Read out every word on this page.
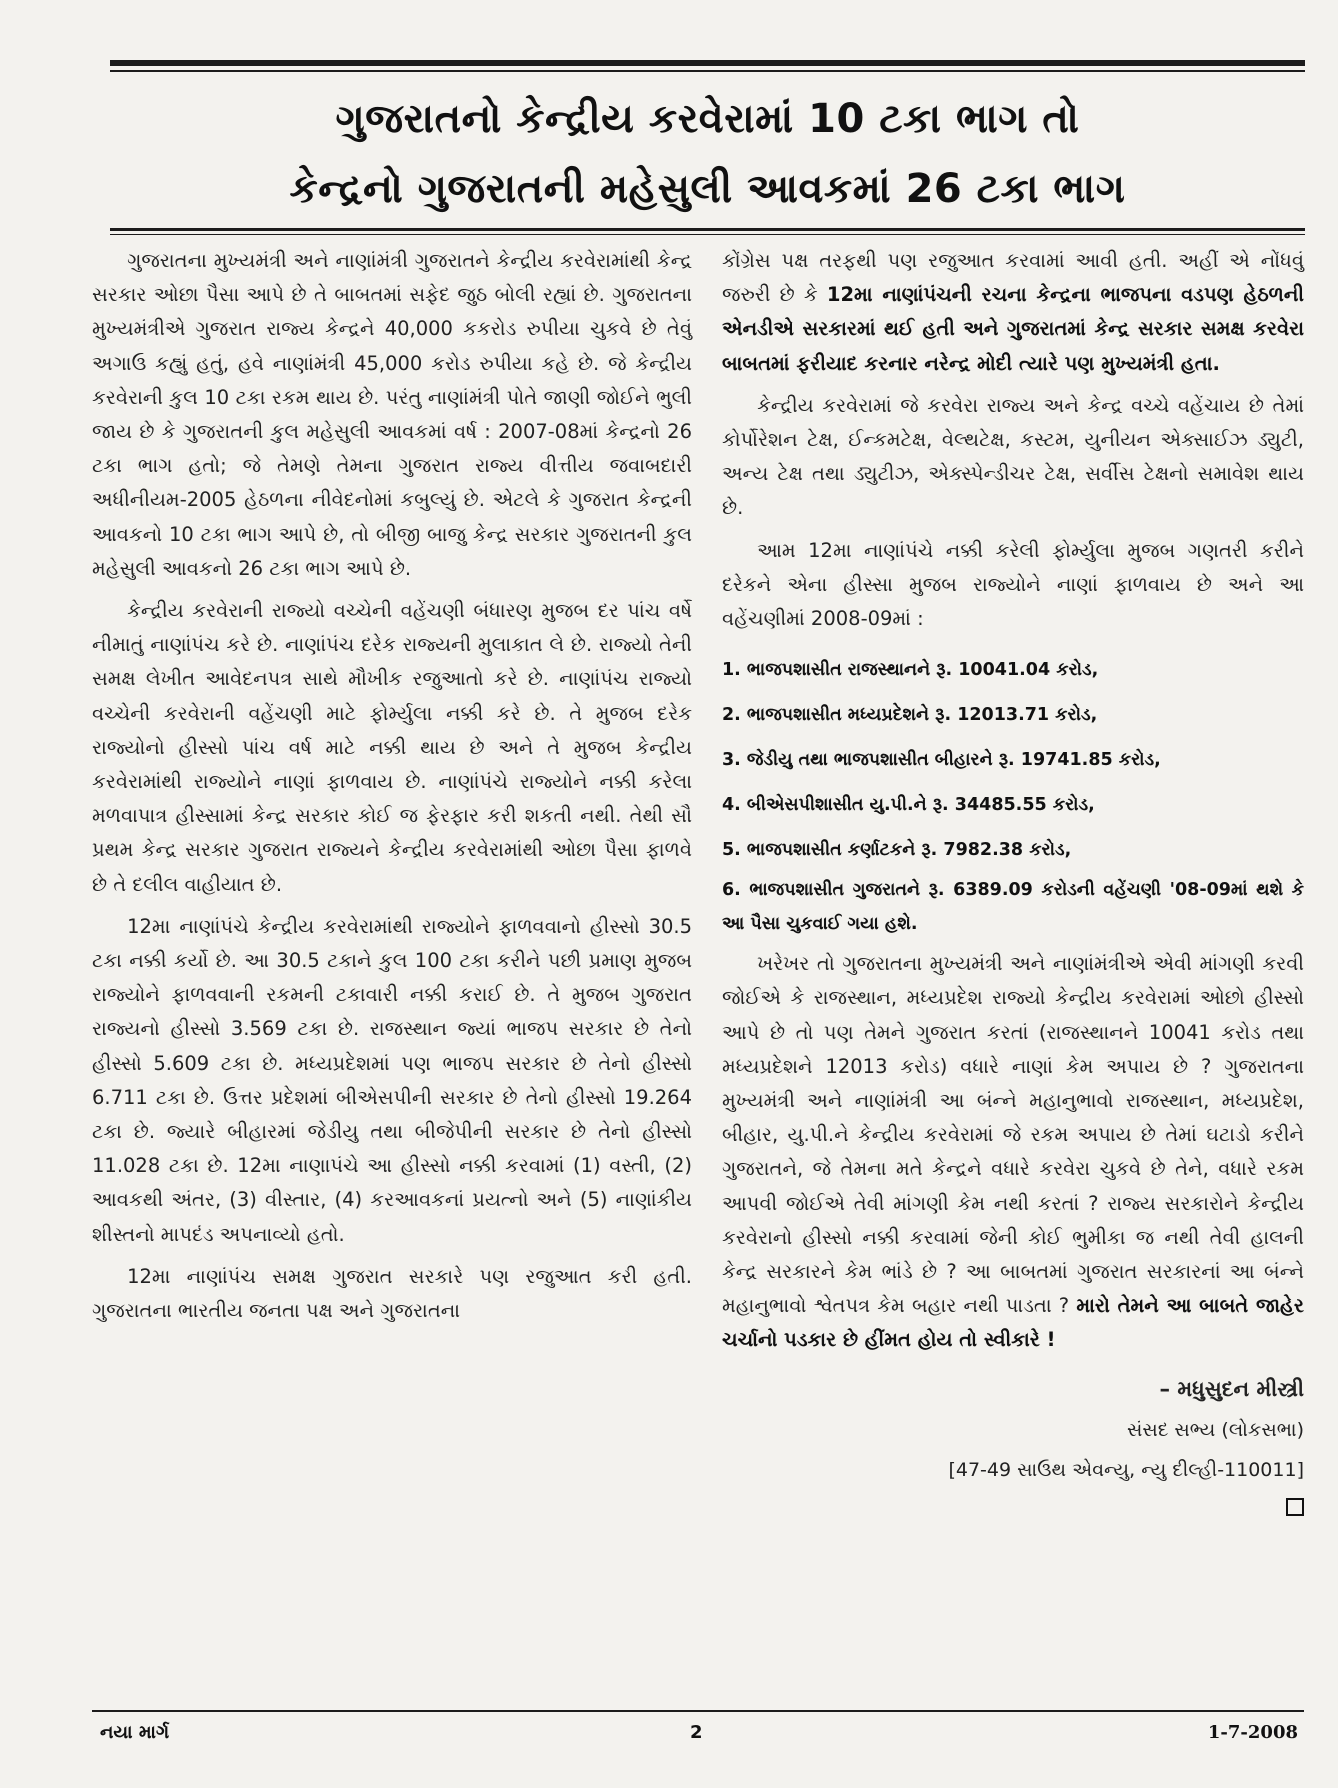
ગુજરાતનો કેન્દ્રીય કરવેરામાં 10 ટકા ભાગ તો
કેન્દ્રનો ગુજરાતની મહેસુલી આવકમાં 26 ટકા ભાગ

ગુજરાતના મુખ્યમંત્રી અને નાણાંમંત્રી ગુજરાતને કેન્દ્રીય કરવેરામાંથી કેન્દ્ર સરકાર ઓછા પૈસા આપે છે તે બાબતમાં સફેદ જુઠ બોલી રહ્યાં છે. ગુજરાતના મુખ્યમંત્રીએ ગુજરાત રાજ્ય કેન્દ્રને 40,000 કકરોડ રુપીયા ચુકવે છે તેવું અગાઉ કહ્યું હતું, હવે નાણાંમંત્રી 45,000 કરોડ રુપીયા કહે છે. જે કેન્દ્રીય કરવેરાની કુલ 10 ટકા રકમ થાય છે. પરંતુ નાણાંમંત્રી પોતે જાણી જોઈને ભુલી જાય છે કે ગુજરાતની કુલ મહેસુલી આવકમાં વર્ષ : 2007-08માં કેન્દ્રનો 26 ટકા ભાગ હતો; જે તેમણે તેમના ગુજરાત રાજ્ય વીત્તીય જવાબદારી અધીનીયમ-2005 હેઠળના નીવેદનોમાં કબુલ્યું છે. એટલે કે ગુજરાત કેન્દ્રની આવકનો 10 ટકા ભાગ આપે છે, તો બીજી બાજુ કેન્દ્ર સરકાર ગુજરાતની કુલ મહેસુલી આવકનો 26 ટકા ભાગ આપે છે.

કેન્દ્રીય કરવેરાની રાજ્યો વચ્ચેની વહેંચણી બંધારણ મુજબ દર પાંચ વર્ષે નીમાતું નાણાંપંચ કરે છે. નાણાંપંચ દરેક રાજ્યની મુલાકાત લે છે. રાજ્યો તેની સમક્ષ લેખીત આવેદનપત્ર સાથે મૌખીક રજુઆતો કરે છે. નાણાંપંચ રાજ્યો વચ્ચેની કરવેરાની વહેંચણી માટે ફોર્મ્યુલા નક્કી કરે છે. તે મુજબ દરેક રાજ્યોનો હીસ્સો પાંચ વર્ષ માટે નક્કી થાય છે અને તે મુજબ કેન્દ્રીય કરવેરામાંથી રાજ્યોને નાણાં ફાળવાય છે. નાણાંપંચે રાજ્યોને નક્કી કરેલા મળવાપાત્ર હીસ્સામાં કેન્દ્ર સરકાર કોઈ જ ફેરફાર કરી શકતી નથી. તેથી સૌ પ્રથમ કેન્દ્ર સરકાર ગુજરાત રાજ્યને કેન્દ્રીય કરવેરામાંથી ઓછા પૈસા ફાળવે છે તે દલીલ વાહીયાત છે.

12મા નાણાંપંચે કેન્દ્રીય કરવેરામાંથી રાજ્યોને ફાળવવાનો હીસ્સો 30.5 ટકા નક્કી કર્યો છે. આ 30.5 ટકાને કુલ 100 ટકા કરીને પછી પ્રમાણ મુજબ રાજ્યોને ફાળવવાની રકમની ટકાવારી નક્કી કરાઈ છે. તે મુજબ ગુજરાત રાજ્યનો હીસ્સો 3.569 ટકા છે. રાજસ્થાન જ્યાં ભાજપ સરકાર છે તેનો હીસ્સો 5.609 ટકા છે. મધ્યપ્રદેશમાં પણ ભાજપ સરકાર છે તેનો હીસ્સો 6.711 ટકા છે. ઉત્તર પ્રદેશમાં બીએસપીની સરકાર છે તેનો હીસ્સો 19.264 ટકા છે. જ્યારે બીહારમાં જેડીયુ તથા બીજેપીની સરકાર છે તેનો હીસ્સો 11.028 ટકા છે. 12મા નાણાપંચે આ હીસ્સો નક્કી કરવામાં (1) વસ્તી, (2) આવકથી અંતર, (3) વીસ્તાર, (4) કરઆવકનાં પ્રયત્નો અને (5) નાણાંકીય શીસ્તનો માપદંડ અપનાવ્યો હતો.

12મા નાણાંપંચ સમક્ષ ગુજરાત સરકારે પણ રજુઆત કરી હતી. ગુજરાતના ભારતીય જનતા પક્ષ અને ગુજરાતના

કોંગ્રેસ પક્ષ તરફથી પણ રજુઆત કરવામાં આવી હતી. અહીં એ નોંધવું જરુરી છે કે 12મા નાણાંપંચની રચના કેન્દ્રના ભાજપના વડપણ હેઠળની એનડીએ સરકારમાં થઈ હતી અને ગુજરાતમાં કેન્દ્ર સરકાર સમક્ષ કરવેરા બાબતમાં ફરીયાદ કરનાર નરેન્દ્ર મોદી ત્યારે પણ મુખ્યમંત્રી હતા.

કેન્દ્રીય કરવેરામાં જે કરવેરા રાજ્ય અને કેન્દ્ર વચ્ચે વહેંચાય છે તેમાં કોર્પોરેશન ટેક્ષ, ઈન્કમટેક્ષ, વેલ્થટેક્ષ, કસ્ટમ, યુનીયન એક્સાઈઝ ડ્યુટી, અન્ય ટેક્ષ તથા ડ્યુટીઝ, એક્સ્પેન્ડીચર ટેક્ષ, સર્વીસ ટેક્ષનો સમાવેશ થાય છે.

આમ 12મા નાણાંપંચે નક્કી કરેલી ફોર્મ્યુલા મુજબ ગણતરી કરીને દરેકને એના હીસ્સા મુજબ રાજ્યોને નાણાં ફાળવાય છે અને આ વહેંચણીમાં 2008-09માં :

1. ભાજપશાસીત રાજસ્થાનને રૂ. 10041.04 કરોડ,
2. ભાજપશાસીત મધ્યપ્રદેશને રૂ. 12013.71 કરોડ,
3. જેડીયુ તથા ભાજપશાસીત બીહારને રૂ. 19741.85 કરોડ,
4. બીએસપીશાસીત યુ.પી.ને રૂ. 34485.55 કરોડ,
5. ભાજપશાસીત કર્ણાટકને રૂ. 7982.38 કરોડ,
6. ભાજપશાસીત ગુજરાતને રૂ. 6389.09 કરોડની વહેંચણી '08-09માં થશે કે આ પૈસા ચુકવાઈ ગયા હશે.

ખરેખર તો ગુજરાતના મુખ્યમંત્રી અને નાણાંમંત્રીએ એવી માંગણી કરવી જોઈએ કે રાજસ્થાન, મધ્યપ્રદેશ રાજ્યો કેન્દ્રીય કરવેરામાં ઓછો હીસ્સો આપે છે તો પણ તેમને ગુજરાત કરતાં (રાજસ્થાનને 10041 કરોડ તથા મધ્યપ્રદેશને 12013 કરોડ) વધારે નાણાં કેમ અપાય છે ? ગુજરાતના મુખ્યમંત્રી અને નાણાંમંત્રી આ બંન્ને મહાનુભાવો રાજસ્થાન, મધ્યપ્રદેશ, બીહાર, યુ.પી.ને કેન્દ્રીય કરવેરામાં જે રકમ અપાય છે તેમાં ઘટાડો કરીને ગુજરાતને, જે તેમના મતે કેન્દ્રને વધારે કરવેરા ચુકવે છે તેને, વધારે રકમ આપવી જોઈએ તેવી માંગણી કેમ નથી કરતાં ? રાજ્ય સરકારોને કેન્દ્રીય કરવેરાનો હીસ્સો નક્કી કરવામાં જેની કોઈ ભુમીકા જ નથી તેવી હાલની કેન્દ્ર સરકારને કેમ ભાંડે છે ? આ બાબતમાં ગુજરાત સરકારનાં આ બંન્ને મહાનુભાવો શ્વેતપત્ર કેમ બહાર નથી પાડતા ? મારો તેમને આ બાબતે જાહેર ચર્ચાનો પડકાર છે હીંમત હોય તો સ્વીકારે !

– મધુસુદન મીસ્ત્રી
સંસદ સભ્ય (લોકસભા)
[47-49 સાઉથ એવન્યુ, ન્યુ દીલ્હી-110011]
નયા માર્ગ	2	1-7-2008
